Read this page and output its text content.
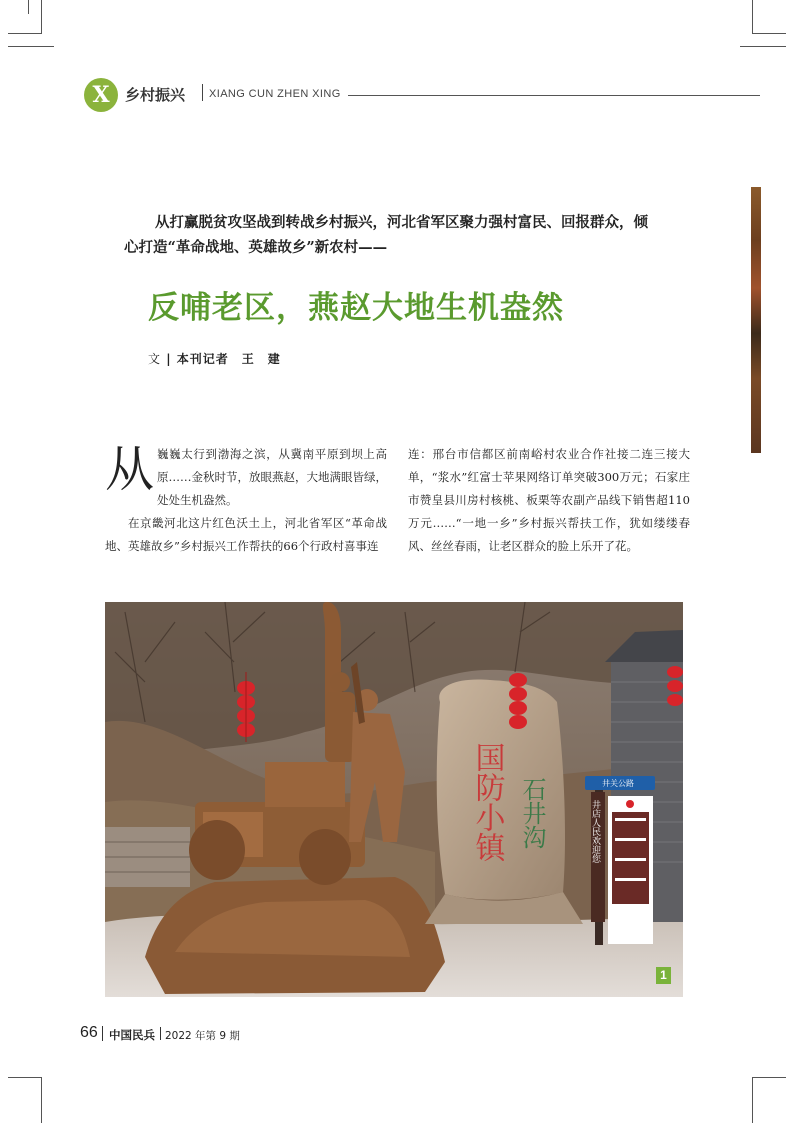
X	乡村振兴 XIANG CUN ZHEN XING

从打赢脱贫攻坚战到转战乡村振兴，河北省军区聚力强村富民、回报群众，倾心打造“革命战地、英雄故乡”新农村——

反哺老区，燕赵大地生机盎然
文 | 本刊记者　王　建

从巍巍太行到渤海之滨，从冀南平原到坝上高原……金秋时节，放眼燕赵，大地满眼皆绿，处处生机盎然。

在京畿河北这片红色沃土上，河北省军区“革命战地、英雄故乡”乡村振兴工作帮扶的66个行政村喜事连

连：邢台市信都区前南峪村农业合作社接二连三接大单，“浆水”红富士苹果网络订单突破300万元；石家庄市赞皇县川房村核桃、板栗等农副产品线下销售超110万元……“一地一乡”乡村振兴帮扶工作，犹如缕缕春风、丝丝春雨，让老区群众的脸上乐开了花。

国防小镇 石井沟	井关公路
井店人民欢迎您
1
66 中国民兵 2022 年第 9 期
